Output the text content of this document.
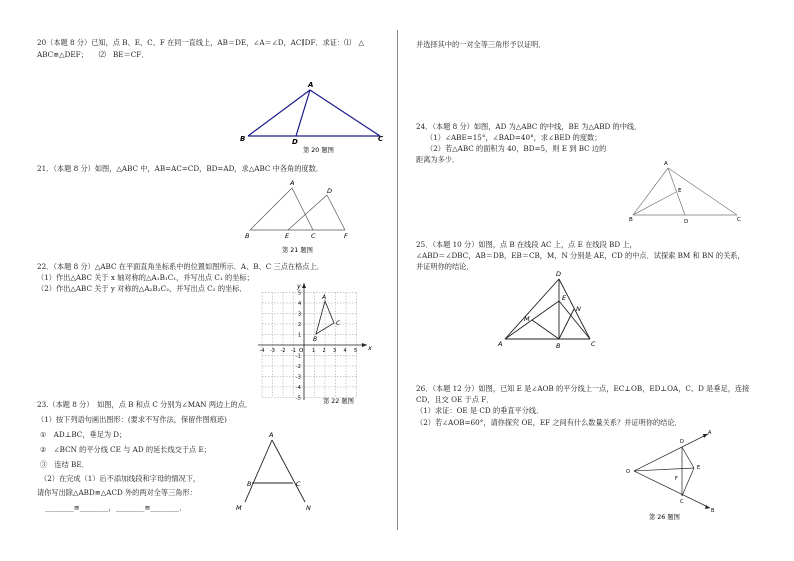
20（本题 8 分）已知，点 B、E、C、F 在同一直线上，AB＝DE，∠A＝∠D，AC∥DF．求证：⑴　△
ABC≌△DEF；　　⑵　BE＝CF．
A
B	C
D
第 20 题图
21．（本题 8 分）如图，△ABC 中，AB=AC=CD，BD=AD，求△ABC 中各角的度数．
A
D
B	E	C	F
第 21 题图
22．（本题 8 分）△ABC 在平面直角坐标系中的位置如图所示．A、B、C 三点在格点上．
（1）作出△ABC 关于 x 轴对称的△A₁B₁C₁，并写出点 C₁ 的坐标；
（2）作出△ABC 关于 y 对称的△A₂B₂C₂，并写出点 C₂ 的坐标．
-4 -3 -2 -1	1 2 3 4 5
5
4
3
2
1
-1
-2
-3
-4
-5
x
y
O
A
B
C
第 22 题图
23.（本题 8 分）　如图，点 B 和点 C 分别为∠MAN 两边上的点．
（1）按下列语句画出图形：(要求不写作法，保留作图痕迹)
①　AD⊥BC，垂足为 D；
②　∠BCN 的平分线 CE 与 AD 的延长线交于点 E；
③　连结 BE．
（2）在完成（1）后不添加线段和字母的情况下，
请你写出除△ABD≌△ACD 外的两对全等三角形：
________≌________，________≌________．
A
B	C
M	N
并选择其中的一对全等三角形予以证明．
24．（本题 8 分）如图，AD 为△ABC 的中线，BE 为△ABD 的中线．
（1）∠ABE=15°，∠BAD=40°，求∠BED 的度数；
（2）若△ABC 的面积为 40，BD=5，则 E 到 BC 边的
距离为多少．	A
E
B	D	C
25．（本题 10 分）如图，点 B 在线段 AC 上，点 E 在线段 BD 上，
∠ABD＝∠DBC，AB＝DB，EB＝CB，M，N 分别是 AE，CD 的中点．试探索 BM 和 BN 的关系，
并证明你的结论．
D
E
M
N
A	B	C
26．（本题 12 分）如图，已知 E 是∠AOB 的平分线上一点，EC⊥OB，ED⊥OA，C、D 是垂足，连接
CD，且交 OE 于点 F．
（1）求证：OE 是 CD 的垂直平分线．
（2）若∠AOB=60°，请你探究 OE，EF 之间有什么数量关系？并证明你的结论．
O
D
A
E
F
C
B
第 26 题图
